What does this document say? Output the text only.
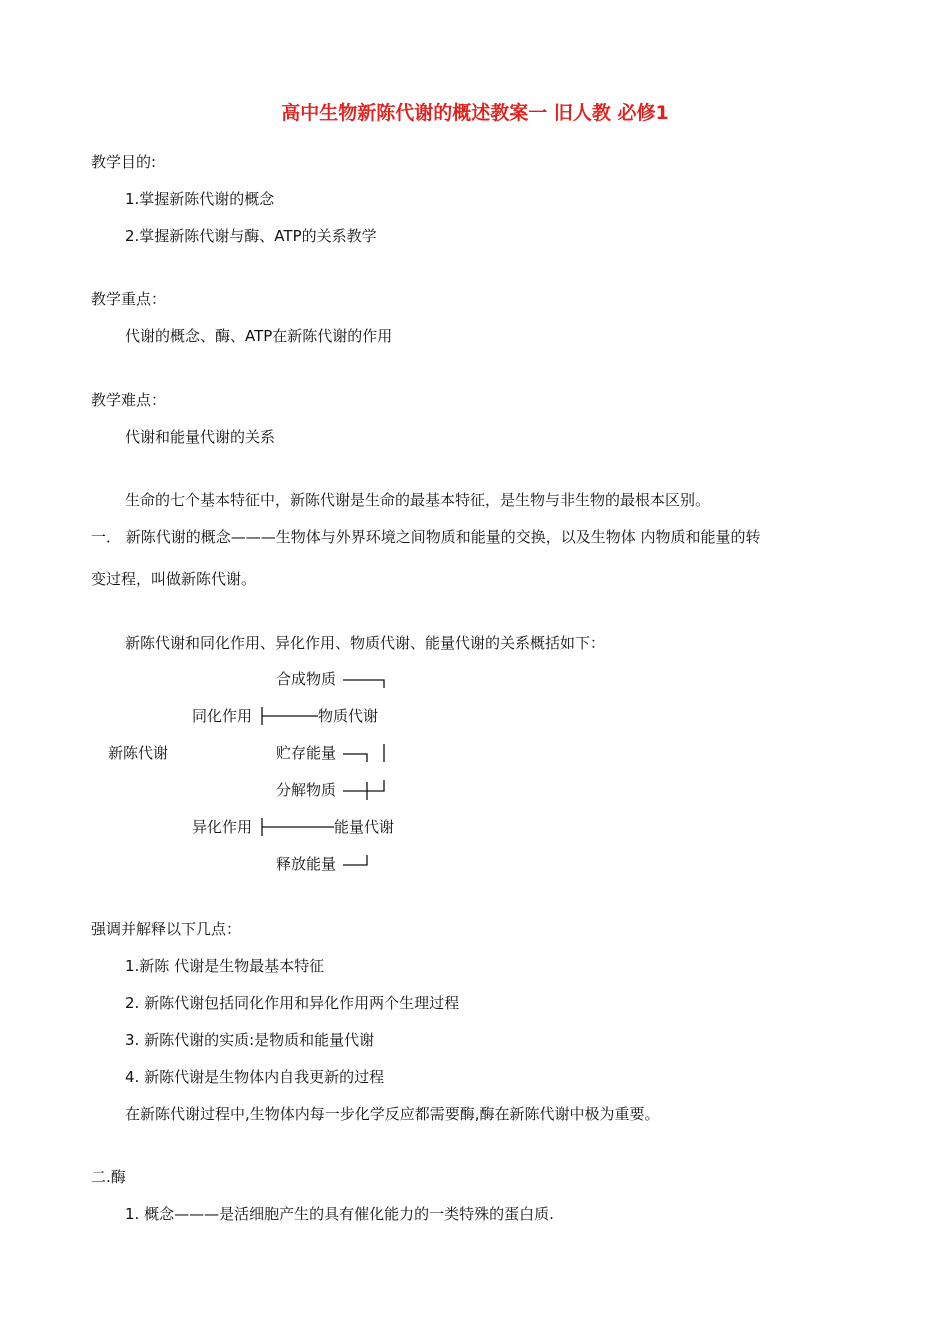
高中生物新陈代谢的概述教案一 旧人教 必修1
教学目的:
1.掌握新陈代谢的概念
2.掌握新陈代谢与酶、ATP的关系教学
教学重点：
代谢的概念、酶、ATP在新陈代谢的作用
教学难点：
代谢和能量代谢的关系
生命的七个基本特征中，新陈代谢是生命的最基本特征，是生物与非生物的最根本区别。
一． 新陈代谢的概念———生物体与外界环境之间物质和能量的交换，以及生物体 内物质和能量的转
变过程，叫做新陈代谢。
新陈代谢和同化作用、异化作用、物质代谢、能量代谢的关系概括如下：
新陈代谢
同化作用
异化作用
合成物质
贮存能量
分解物质
释放能量
物质代谢
能量代谢
强调并解释以下几点：
1.新陈 代谢是生物最基本特征
2. 新陈代谢包括同化作用和异化作用两个生理过程
3. 新陈代谢的实质:是物质和能量代谢
4. 新陈代谢是生物体内自我更新的过程
在新陈代谢过程中,生物体内每一步化学反应都需要酶,酶在新陈代谢中极为重要。
二.酶
1. 概念———是活细胞产生的具有催化能力的一类特殊的蛋白质.
